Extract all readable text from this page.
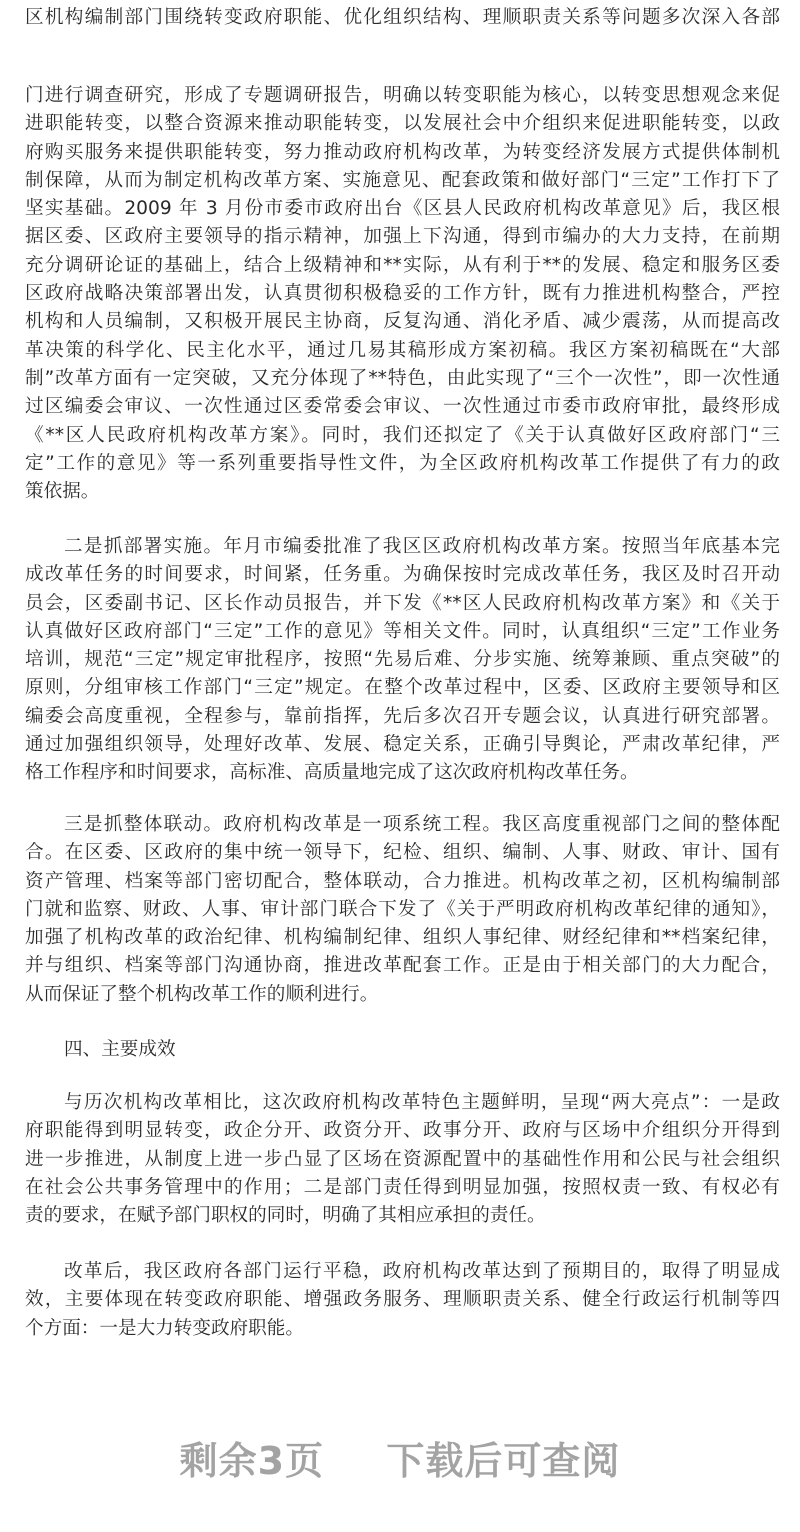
区机构编制部门围绕转变政府职能、优化组织结构、理顺职责关系等问题多次深入各部
门进行调查研究，形成了专题调研报告，明确以转变职能为核心，以转变思想观念来促
进职能转变，以整合资源来推动职能转变，以发展社会中介组织来促进职能转变，以政
府购买服务来提供职能转变，努力推动政府机构改革，为转变经济发展方式提供体制机
制保障，从而为制定机构改革方案、实施意见、配套政策和做好部门“三定”工作打下了
坚实基础。2009 年 3 月份市委市政府出台《区县人民政府机构改革意见》后，我区根
据区委、区政府主要领导的指示精神，加强上下沟通，得到市编办的大力支持，在前期
充分调研论证的基础上，结合上级精神和**实际，从有利于**的发展、稳定和服务区委
区政府战略决策部署出发，认真贯彻积极稳妥的工作方针，既有力推进机构整合，严控
机构和人员编制，又积极开展民主协商，反复沟通、消化矛盾、减少震荡，从而提高改
革决策的科学化、民主化水平，通过几易其稿形成方案初稿。我区方案初稿既在“大部
制”改革方面有一定突破，又充分体现了**特色，由此实现了“三个一次性”，即一次性通
过区编委会审议、一次性通过区委常委会审议、一次性通过市委市政府审批，最终形成
《**区人民政府机构改革方案》。同时，我们还拟定了《关于认真做好区政府部门“三
定”工作的意见》等一系列重要指导性文件，为全区政府机构改革工作提供了有力的政
策依据。
二是抓部署实施。年月市编委批准了我区区政府机构改革方案。按照当年底基本完
成改革任务的时间要求，时间紧，任务重。为确保按时完成改革任务，我区及时召开动
员会，区委副书记、区长作动员报告，并下发《**区人民政府机构改革方案》和《关于
认真做好区政府部门“三定”工作的意见》等相关文件。同时，认真组织“三定”工作业务
培训，规范“三定”规定审批程序，按照“先易后难、分步实施、统筹兼顾、重点突破”的
原则，分组审核工作部门“三定”规定。在整个改革过程中，区委、区政府主要领导和区
编委会高度重视，全程参与，靠前指挥，先后多次召开专题会议，认真进行研究部署。
通过加强组织领导，处理好改革、发展、稳定关系，正确引导舆论，严肃改革纪律，严
格工作程序和时间要求，高标准、高质量地完成了这次政府机构改革任务。
三是抓整体联动。政府机构改革是一项系统工程。我区高度重视部门之间的整体配
合。在区委、区政府的集中统一领导下，纪检、组织、编制、人事、财政、审计、国有
资产管理、档案等部门密切配合，整体联动，合力推进。机构改革之初，区机构编制部
门就和监察、财政、人事、审计部门联合下发了《关于严明政府机构改革纪律的通知》，
加强了机构改革的政治纪律、机构编制纪律、组织人事纪律、财经纪律和**档案纪律，
并与组织、档案等部门沟通协商，推进改革配套工作。正是由于相关部门的大力配合，
从而保证了整个机构改革工作的顺利进行。
四、主要成效
与历次机构改革相比，这次政府机构改革特色主题鲜明，呈现“两大亮点”：一是政
府职能得到明显转变，政企分开、政资分开、政事分开、政府与区场中介组织分开得到
进一步推进，从制度上进一步凸显了区场在资源配置中的基础性作用和公民与社会组织
在社会公共事务管理中的作用；二是部门责任得到明显加强，按照权责一致、有权必有
责的要求，在赋予部门职权的同时，明确了其相应承担的责任。
改革后，我区政府各部门运行平稳，政府机构改革达到了预期目的，取得了明显成
效，主要体现在转变政府职能、增强政务服务、理顺职责关系、健全行政运行机制等四
个方面：一是大力转变政府职能。
剩余3页 下载后可查阅
